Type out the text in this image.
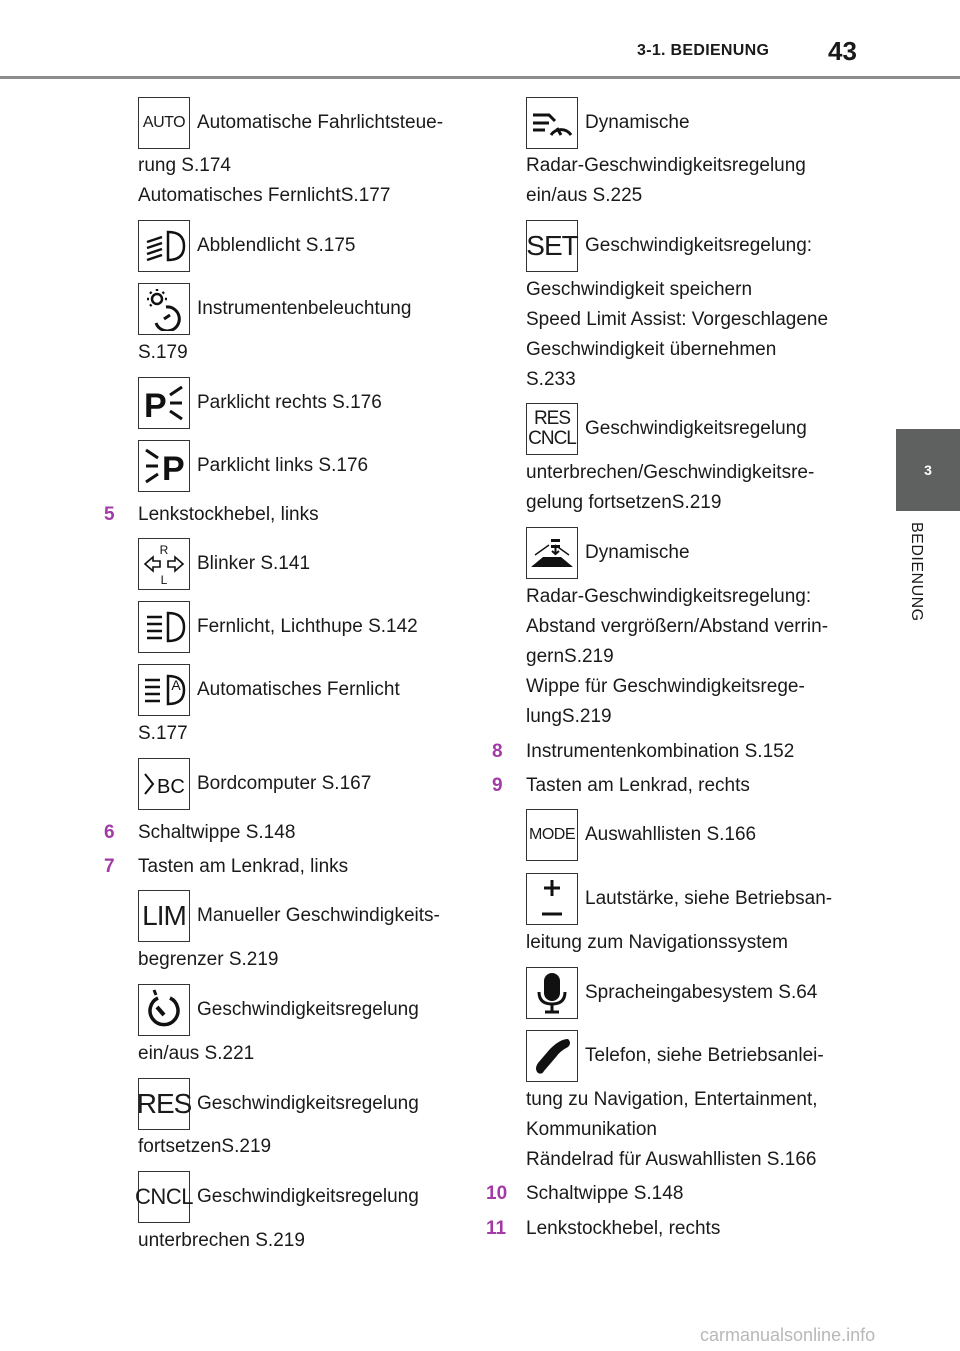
3-1. BEDIENUNG 43
3
BEDIENUNG
AUTO Automatische Fahrlichtsteue-
rung S.174
Automatisches FernlichtS.177
Abblendlicht S.175
Instrumentenbeleuchtung
S.179
P Parklicht rechts S.176
P Parklicht links S.176
5 Lenkstockhebel, links
R
L
Blinker S.141
Fernlicht, Lichthupe S.142
A Automatisches Fernlicht
S.177
BC Bordcomputer S.167
6 Schaltwippe S.148
7 Tasten am Lenkrad, links
LIM Manueller Geschwindigkeits-
begrenzer S.219
Geschwindigkeitsregelung
ein/aus S.221
RES Geschwindigkeitsregelung
fortsetzenS.219
CNCL Geschwindigkeitsregelung
unterbrechen S.219
Dynamische
Radar-Geschwindigkeitsregelung
ein/aus S.225
SET Geschwindigkeitsregelung:
Geschwindigkeit speichern
Speed Limit Assist: Vorgeschlagene
Geschwindigkeit übernehmen
S.233
RES
CNCL Geschwindigkeitsregelung
unterbrechen/Geschwindigkeitsre-
gelung fortsetzenS.219
Dynamische
Radar-Geschwindigkeitsregelung:
Abstand vergrößern/Abstand verrin-
gernS.219
Wippe für Geschwindigkeitsrege-
lungS.219
8 Instrumentenkombination S.152
9 Tasten am Lenkrad, rechts
MODE Auswahllisten S.166
Lautstärke, siehe Betriebsan-
leitung zum Navigationssystem
Spracheingabesystem S.64
Telefon, siehe Betriebsanlei-
tung zu Navigation, Entertainment,
Kommunikation
Rändelrad für Auswahllisten S.166
10 Schaltwippe S.148
11 Lenkstockhebel, rechts
carmanualsonline.info
